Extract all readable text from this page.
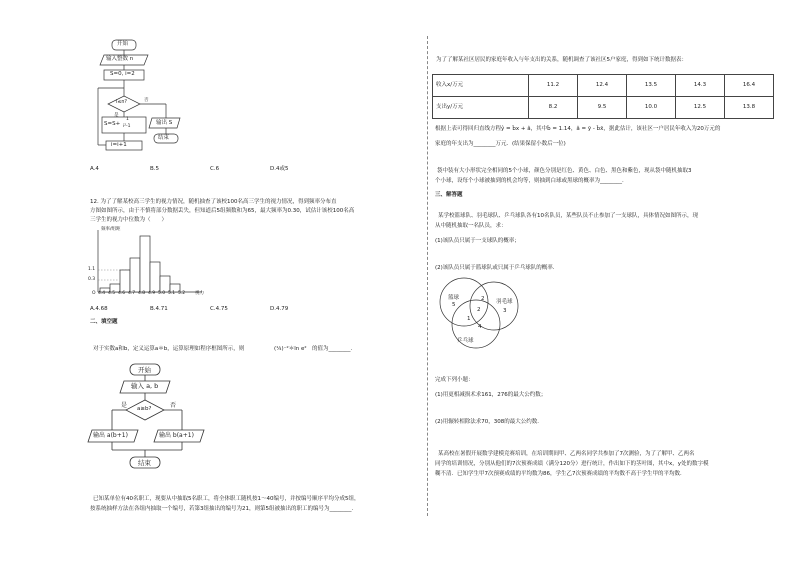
开始
输入整数 n
S=0, i=2
i≤n?
是
否
S=S+
1
i²-1
输出 S
结束
i=i+1
A.4	B.5	C.6	D.4或5
12. 为了了解某校高三学生的视力情况，随机抽查了该校100名高三学生的视力情况，得到频率分布直
方图如图所示，由于不慎将部分数据丢失，但知道后5组频数和为65，最大频率为0.30，试估计该校100名高
三学生的视力中位数为（　　）
频率/组距
1.1
0.3
O 4.4 4.5 4.6 4.7 4.8 4.9 5.0 5.1 5.2 视力
A.4.68	B.4.71	C.4.75	D.4.79
二、填空题
对于实数a和b，定义运算a＊b，运算原理如程序框图所示，则	(¹⁄₄)⁻²＊ln e² 的值为________.
开始
输入 a, b
a≥b?
是	否
输出 a(b+1)	输出 b(a+1)
结束
已知某单位有40名职工，现要从中抽取5名职工，将全体职工随机按1～40编号，并按编号顺序平均分成5组，
按系统抽样方法在各组内抽取一个编号，若第3组抽出的编号为21，则第5组被抽出的职工的编号为________.
为了了解某社区居民的家庭年收入与年支出的关系，随机调查了该社区5户家庭，得到如下统计数据表：
收入x/万元	11.2	12.4	13.5	14.3	16.4
支出y/万元	8.2	9.5	10.0	12.5	13.8
根据上表可得回归直线方程ŷ = b̂x + â，其中b̂ = 1.14，â = ȳ - b̂x̄，据此估计，该社区一户居民年收入为20万元的
家庭的年支出为________万元．(结果保留小数后一位)
袋中装有大小形状完全相同的5个小球，颜色分别是红色、黄色、白色、黑色和紫色，现从袋中随机抽取3
个小球，设每个小球被抽到的机会均等，则抽到白球或黑球的概率为________.
三、解答题
某学校篮球队、羽毛球队、乒乓球队各有10名队员，某些队员不止参加了一支球队，具体情况如图所示，现
从中随机抽取一名队员，求：
(1)该队员只属于一支球队的概率；
(2)该队员只属于篮球队或只属于乒乓球队的概率．
篮球
5	羽毛球
乒乓球
2
2
1
3
4
完成下列小题：
(1)用更相减损术求161，276的最大公约数；
(2)用辗转相除法求70，308的最大公约数．
某高校在暑假开展数学建模竞赛培训，在培训期间甲、乙两名同学共参加了7次测验，为了了解甲、乙两名
同学的培训情况，分别从他们的7次预赛成绩（满分120分）进行统计，作出如下的茎叶图，其中x，y处的数字模
糊不清．已知学生甲7次预赛成绩的平均数为86，学生乙7次预赛成绩的平均数不高于学生甲的平均数．
